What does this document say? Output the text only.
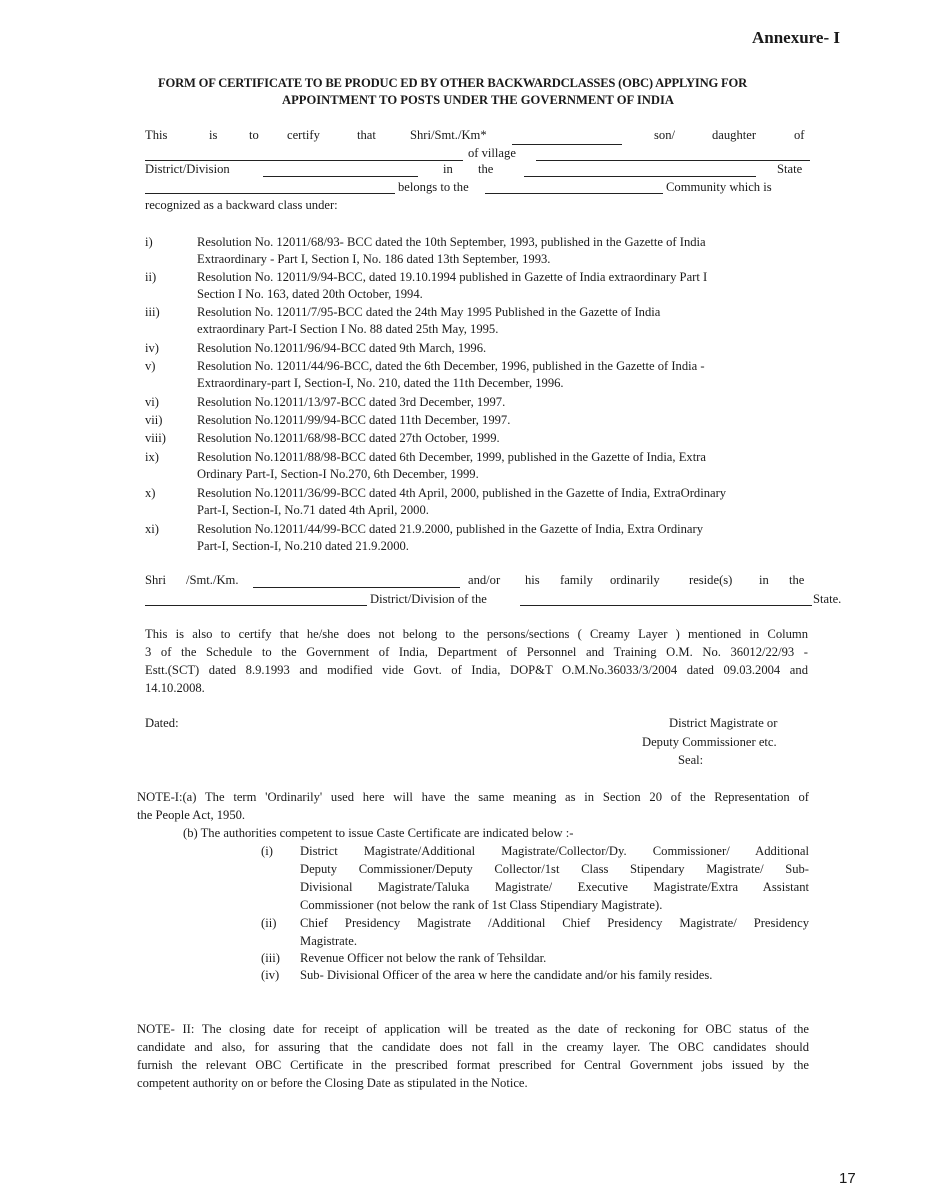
Annexure- I
FORM OF CERTIFICATE TO BE PRODUC ED BY OTHER BACKWARDCLASSES (OBC) APPLYING FOR
APPOINTMENT TO POSTS UNDER THE GOVERNMENT OF INDIA
This	is	to certify	that	Shri/Smt./Km*	son/	daughter	of
of village
District/Division	in the	State
belongs to the	Community which is
recognized as a backward class under:
i)	Resolution No. 12011/68/93- BCC dated the 10th September, 1993, published in the Gazette of India
Extraordinary - Part I, Section I, No. 186 dated 13th September, 1993.
ii)	Resolution No. 12011/9/94-BCC, dated 19.10.1994 published in Gazette of India extraordinary Part I
Section I No. 163, dated 20th October, 1994.
iii)	Resolution No. 12011/7/95-BCC dated the 24th May 1995 Published in the Gazette of India
extraordinary Part-I Section I No. 88 dated 25th May, 1995.
iv)	Resolution No.12011/96/94-BCC dated 9th March, 1996.
v)	Resolution No. 12011/44/96-BCC, dated the 6th December, 1996, published in the Gazette of India -
Extraordinary-part I, Section-I, No. 210, dated the 11th December, 1996.
vi)	Resolution No.12011/13/97-BCC dated 3rd December, 1997.
vii)	Resolution No.12011/99/94-BCC dated 11th December, 1997.
viii) Resolution No.12011/68/98-BCC dated 27th October, 1999.
ix)	Resolution No.12011/88/98-BCC dated 6th December, 1999, published in the Gazette of India, Extra
Ordinary Part-I, Section-I No.270, 6th December, 1999.
x)	Resolution No.12011/36/99-BCC dated 4th April, 2000, published in the Gazette of India, ExtraOrdinary
Part-I, Section-I, No.71 dated 4th April, 2000.
xi)	Resolution No.12011/44/99-BCC dated 21.9.2000, published in the Gazette of India, Extra Ordinary
Part-I, Section-I, No.210 dated 21.9.2000.
Shri /Smt./Km.	and/or his family ordinarily reside(s) in the
District/Division of the	State.
This is also to certify that he/she does not belong to the persons/sections ( Creamy Layer ) mentioned in Column
3 of the Schedule to the Government of India, Department of Personnel and Training O.M. No. 36012/22/93 -
Estt.(SCT) dated 8.9.1993 and modified vide Govt. of India, DOP&T O.M.No.36033/3/2004 dated 09.03.2004 and
14.10.2008.
Dated:	District Magistrate or
Deputy Commissioner etc.
Seal:
NOTE-I:(a) The term 'Ordinarily' used here will have the same meaning as in Section 20 of the Representation of
the People Act, 1950.
(b) The authorities competent to issue Caste Certificate are indicated below :-
(i) District Magistrate/Additional Magistrate/Collector/Dy. Commissioner/ Additional
Deputy Commissioner/Deputy Collector/1st Class Stipendary Magistrate/ Sub-
Divisional Magistrate/Taluka Magistrate/ Executive Magistrate/Extra Assistant
Commissioner (not below the rank of 1st Class Stipendiary Magistrate).
(ii) Chief Presidency Magistrate /Additional Chief Presidency Magistrate/ Presidency
Magistrate.
(iii) Revenue Officer not below the rank of Tehsildar.
(iv) Sub- Divisional Officer of the area w here the candidate and/or his family resides.
NOTE- II: The closing date for receipt of application will be treated as the date of reckoning for OBC status of the
candidate and also, for assuring that the candidate does not fall in the creamy layer. The OBC candidates should
furnish the relevant OBC Certificate in the prescribed format prescribed for Central Government jobs issued by the
competent authority on or before the Closing Date as stipulated in the Notice.
17
